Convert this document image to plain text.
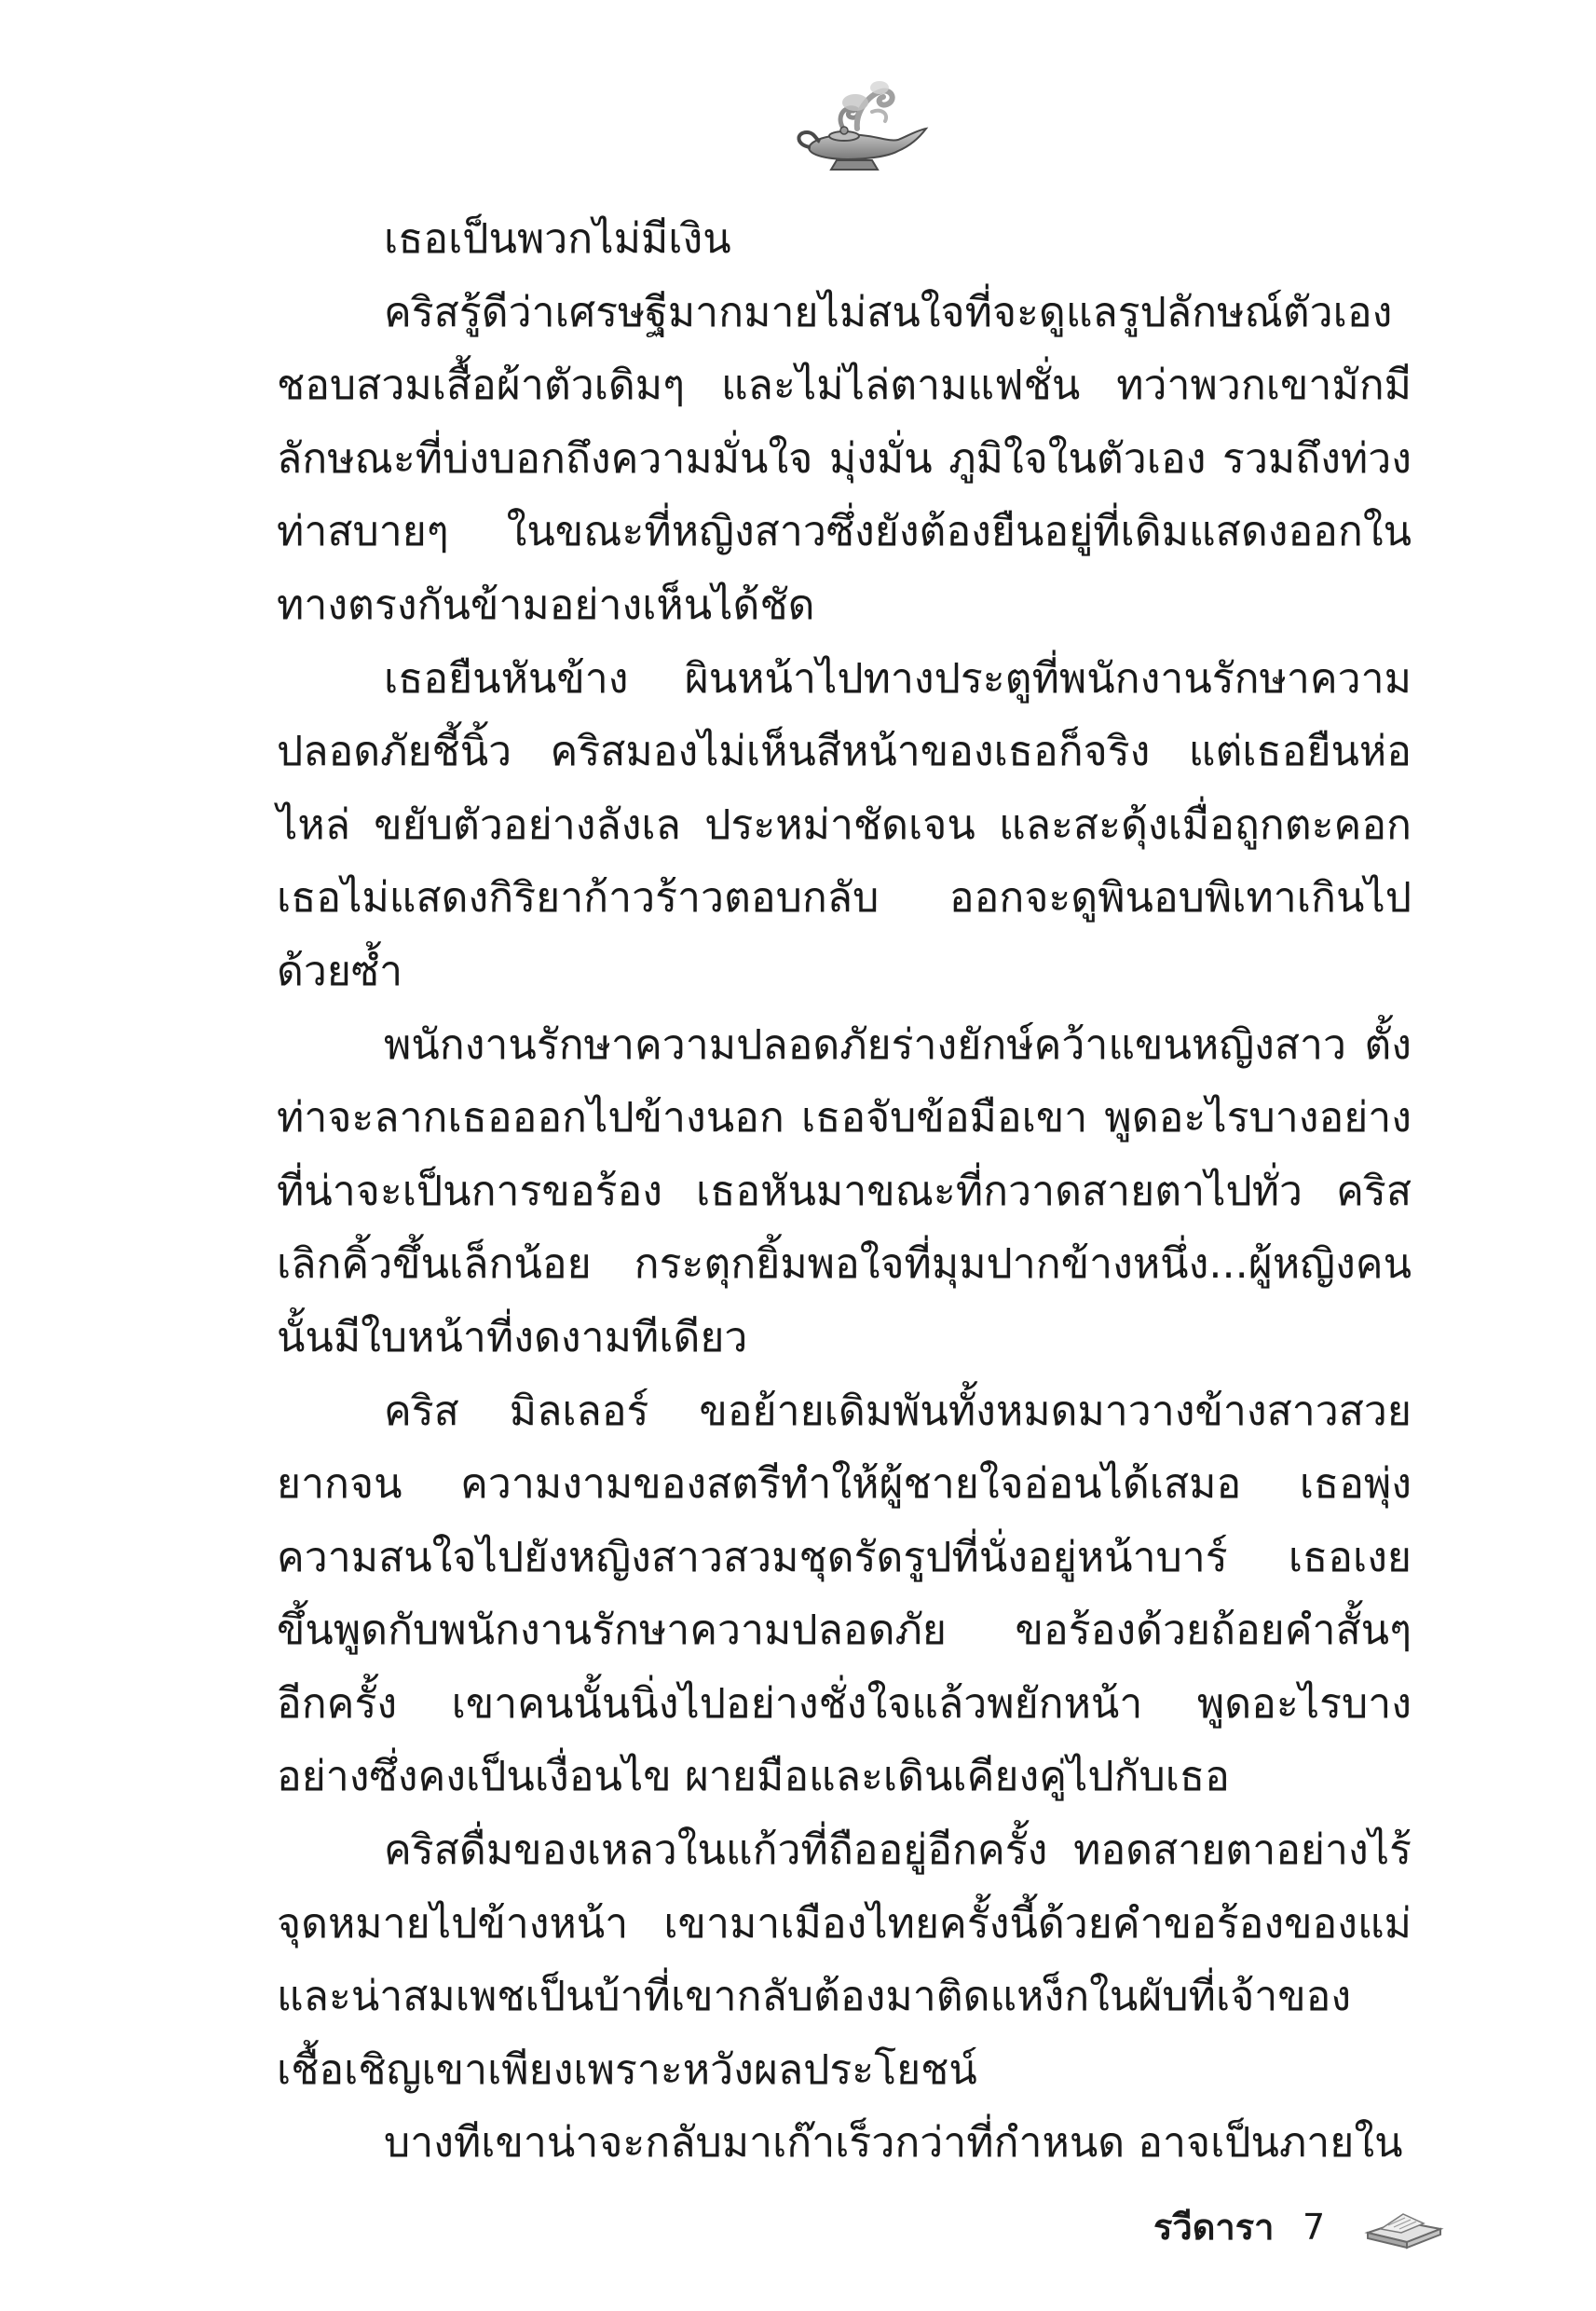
เธอเป็นพวกไม่มีเงิน

คริสรู้ดีว่าเศรษฐีมากมายไม่สนใจที่จะดูแลรูปลักษณ์ตัวเอง ชอบสวมเสื้อผ้าตัวเดิมๆ และไม่ไล่ตามแฟชั่น ทว่าพวกเขามักมีลักษณะที่บ่งบอกถึงความมั่นใจ มุ่งมั่น ภูมิใจในตัวเอง รวมถึงท่วงท่าสบายๆ ในขณะที่หญิงสาวซึ่งยังต้องยืนอยู่ที่เดิมแสดงออกในทางตรงกันข้ามอย่างเห็นได้ชัด

เธอยืนหันข้าง ผินหน้าไปทางประตูที่พนักงานรักษาความปลอดภัยชี้นิ้ว คริสมองไม่เห็นสีหน้าของเธอก็จริง แต่เธอยืนห่อไหล่ ขยับตัวอย่างลังเล ประหม่าชัดเจน และสะดุ้งเมื่อถูกตะคอก เธอไม่แสดงกิริยาก้าวร้าวตอบกลับ ออกจะดูพินอบพิเทาเกินไปด้วยซ้ำ

พนักงานรักษาความปลอดภัยร่างยักษ์คว้าแขนหญิงสาว ตั้งท่าจะลากเธอออกไปข้างนอก เธอจับข้อมือเขา พูดอะไรบางอย่างที่น่าจะเป็นการขอร้อง เธอหันมาขณะที่กวาดสายตาไปทั่ว คริสเลิกคิ้วขึ้นเล็กน้อย กระตุกยิ้มพอใจที่มุมปากข้างหนึ่ง...ผู้หญิงคนนั้นมีใบหน้าที่งดงามทีเดียว

คริส มิลเลอร์ ขอย้ายเดิมพันทั้งหมดมาวางข้างสาวสวยยากจน ความงามของสตรีทำให้ผู้ชายใจอ่อนได้เสมอ เธอพุ่งความสนใจไปยังหญิงสาวสวมชุดรัดรูปที่นั่งอยู่หน้าบาร์ เธอเงยขึ้นพูดกับพนักงานรักษาความปลอดภัย ขอร้องด้วยถ้อยคำสั้นๆ อีกครั้ง เขาคนนั้นนิ่งไปอย่างชั่งใจแล้วพยักหน้า พูดอะไรบางอย่างซึ่งคงเป็นเงื่อนไข ผายมือและเดินเคียงคู่ไปกับเธอ

คริสดื่มของเหลวในแก้วที่ถืออยู่อีกครั้ง ทอดสายตาอย่างไร้จุดหมายไปข้างหน้า เขามาเมืองไทยครั้งนี้ด้วยคำขอร้องของแม่ และน่าสมเพชเป็นบ้าที่เขากลับต้องมาติดแหง็กในผับที่เจ้าของเชื้อเชิญเขาเพียงเพราะหวังผลประโยชน์

บางทีเขาน่าจะกลับมาเก๊าเร็วกว่าที่กำหนด อาจเป็นภายใน

รวีดารา 7
